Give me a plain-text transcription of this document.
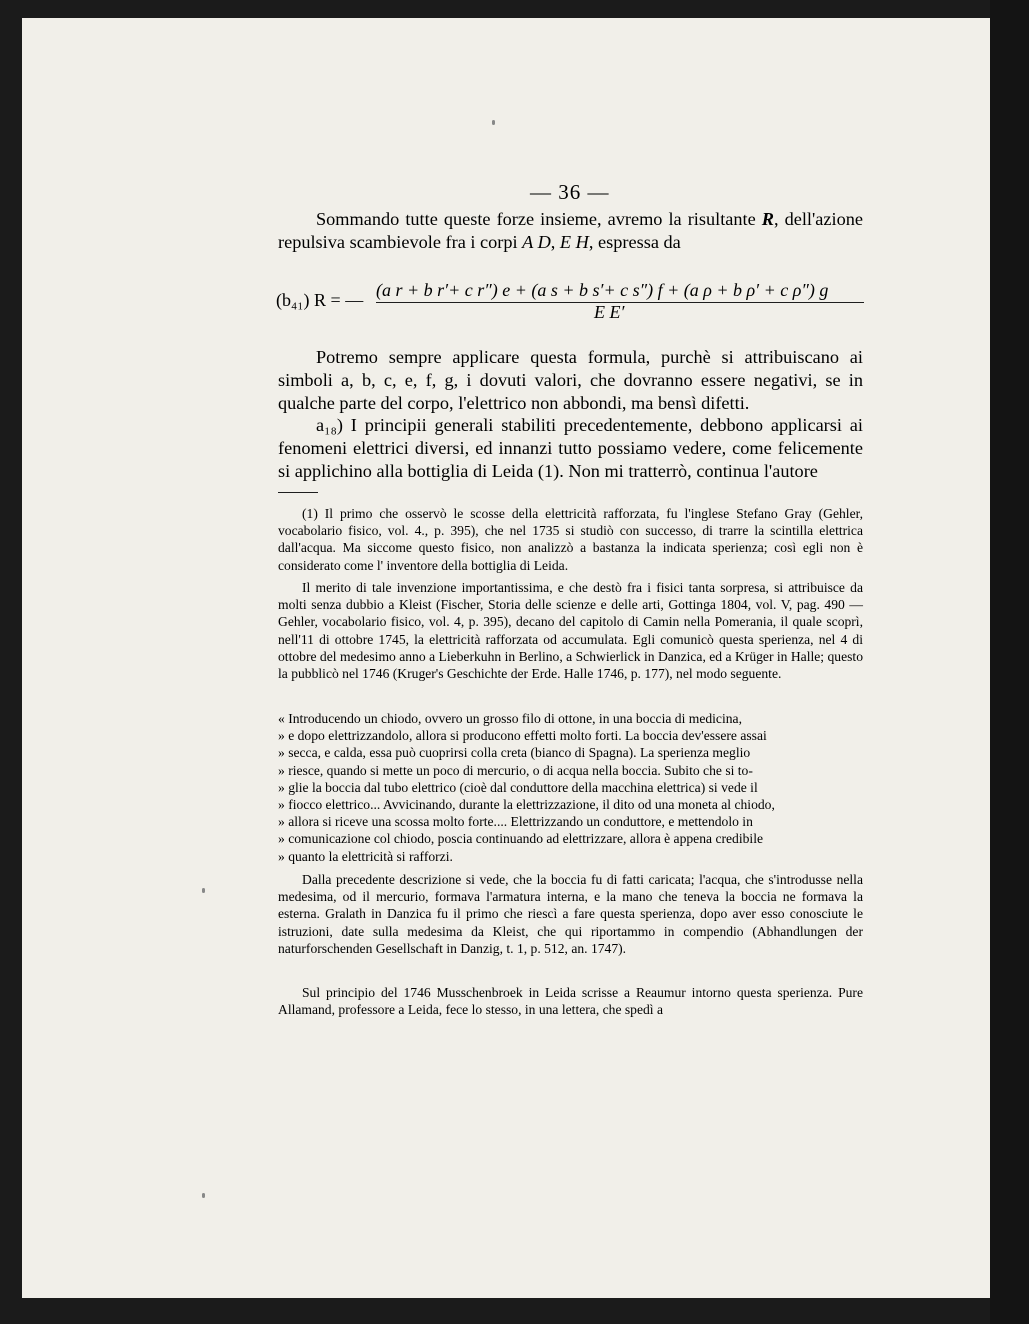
— 36 —
Sommando tutte queste forze insieme, avremo la risultante R, dell'azione repulsiva scambievole fra i corpi A D, E H, espressa da
(b₄₁) R = — (a r + b r′+ c r″) e + (a s + b s′+ c s″) f + (a ρ + b ρ′ + c ρ″) g
E E′
Potremo sempre applicare questa formula, purchè si attribuiscano ai simboli a, b, c, e, f, g, i dovuti valori, che dovranno essere negativi, se in qualche parte del corpo, l'elettrico non abbondi, ma bensì difetti.
a₁₈) I principii generali stabiliti precedentemente, debbono applicarsi ai fenomeni elettrici diversi, ed innanzi tutto possiamo vedere, come felicemente si applichino alla bottiglia di Leida (1). Non mi tratterrò, continua l'autore
(1) Il primo che osservò le scosse della elettricità rafforzata, fu l'inglese Stefano Gray (Gehler, vocabolario fisico, vol. 4., p. 395), che nel 1735 si studiò con successo, di trarre la scintilla elettrica dall'acqua. Ma siccome questo fisico, non analizzò a bastanza la indicata sperienza; così egli non è considerato come l' inventore della bottiglia di Leida.
Il merito di tale invenzione importantissima, e che destò fra i fisici tanta sorpresa, si attribuisce da molti senza dubbio a Kleist (Fischer, Storia delle scienze e delle arti, Gottinga 1804, vol. V, pag. 490 — Gehler, vocabolario fisico, vol. 4, p. 395), decano del capitolo di Camin nella Pomerania, il quale scoprì, nell'11 di ottobre 1745, la elettricità rafforzata od accumulata. Egli comunicò questa sperienza, nel 4 di ottobre del medesimo anno a Lieberkuhn in Berlino, a Schwierlick in Danzica, ed a Krüger in Halle; questo la pubblicò nel 1746 (Kruger's Geschichte der Erde. Halle 1746, p. 177), nel modo seguente.
« Introducendo un chiodo, ovvero un grosso filo di ottone, in una boccia di medicina,
» e dopo elettrizzandolo, allora si producono effetti molto forti. La boccia dev'essere assai
» secca, e calda, essa può cuoprirsi colla creta (bianco di Spagna). La sperienza meglio
» riesce, quando si mette un poco di mercurio, o di acqua nella boccia. Subito che si to-
» glie la boccia dal tubo elettrico (cioè dal conduttore della macchina elettrica) si vede il
» fiocco elettrico... Avvicinando, durante la elettrizzazione, il dito od una moneta al chiodo,
» allora si riceve una scossa molto forte.... Elettrizzando un conduttore, e mettendolo in
» comunicazione col chiodo, poscia continuando ad elettrizzare, allora è appena credibile
» quanto la elettricità si rafforzi.
Dalla precedente descrizione si vede, che la boccia fu di fatti caricata; l'acqua, che s'introdusse nella medesima, od il mercurio, formava l'armatura interna, e la mano che teneva la boccia ne formava la esterna. Gralath in Danzica fu il primo che riescì a fare questa sperienza, dopo aver esso conosciute le istruzioni, date sulla medesima da Kleist, che qui riportammo in compendio (Abhandlungen der naturforschenden Gesellschaft in Danzig, t. 1, p. 512, an. 1747).
Sul principio del 1746 Musschenbroek in Leida scrisse a Reaumur intorno questa sperienza. Pure Allamand, professore a Leida, fece lo stesso, in una lettera, che spedì a
